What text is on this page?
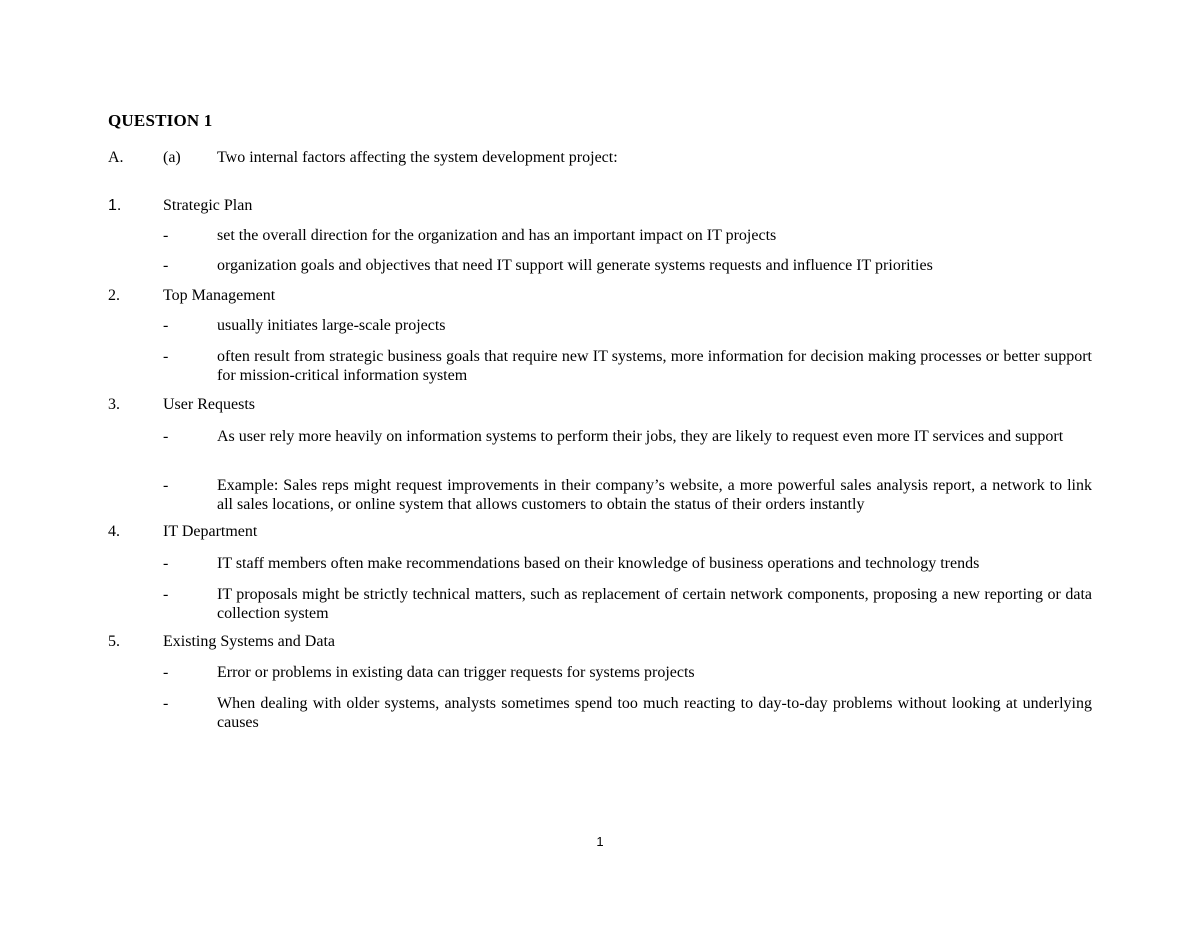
QUESTION 1
A. (a) Two internal factors affecting the system development project:
1.	Strategic Plan
-	set the overall direction for the organization and has an important impact on IT projects
-	organization goals and objectives that need IT support will generate systems requests and influence IT priorities
2.	Top Management
-	usually initiates large-scale projects
-	often result from strategic business goals that require new IT systems, more information for decision making processes or better support for mission-critical information system
3.	User Requests
-	As user rely more heavily on information systems to perform their jobs, they are likely to request even more IT services and support
-	Example: Sales reps might request improvements in their company’s website, a more powerful sales analysis report, a network to link all sales locations, or online system that allows customers to obtain the status of their orders instantly
4.	IT Department
-	IT staff members often make recommendations based on their knowledge of business operations and technology trends
-	IT proposals might be strictly technical matters, such as replacement of certain network components, proposing a new reporting or data collection system
5.	Existing Systems and Data
-	Error or problems in existing data can trigger requests for systems projects
-	When dealing with older systems, analysts sometimes spend too much reacting to day-to-day problems without looking at underlying causes
1
